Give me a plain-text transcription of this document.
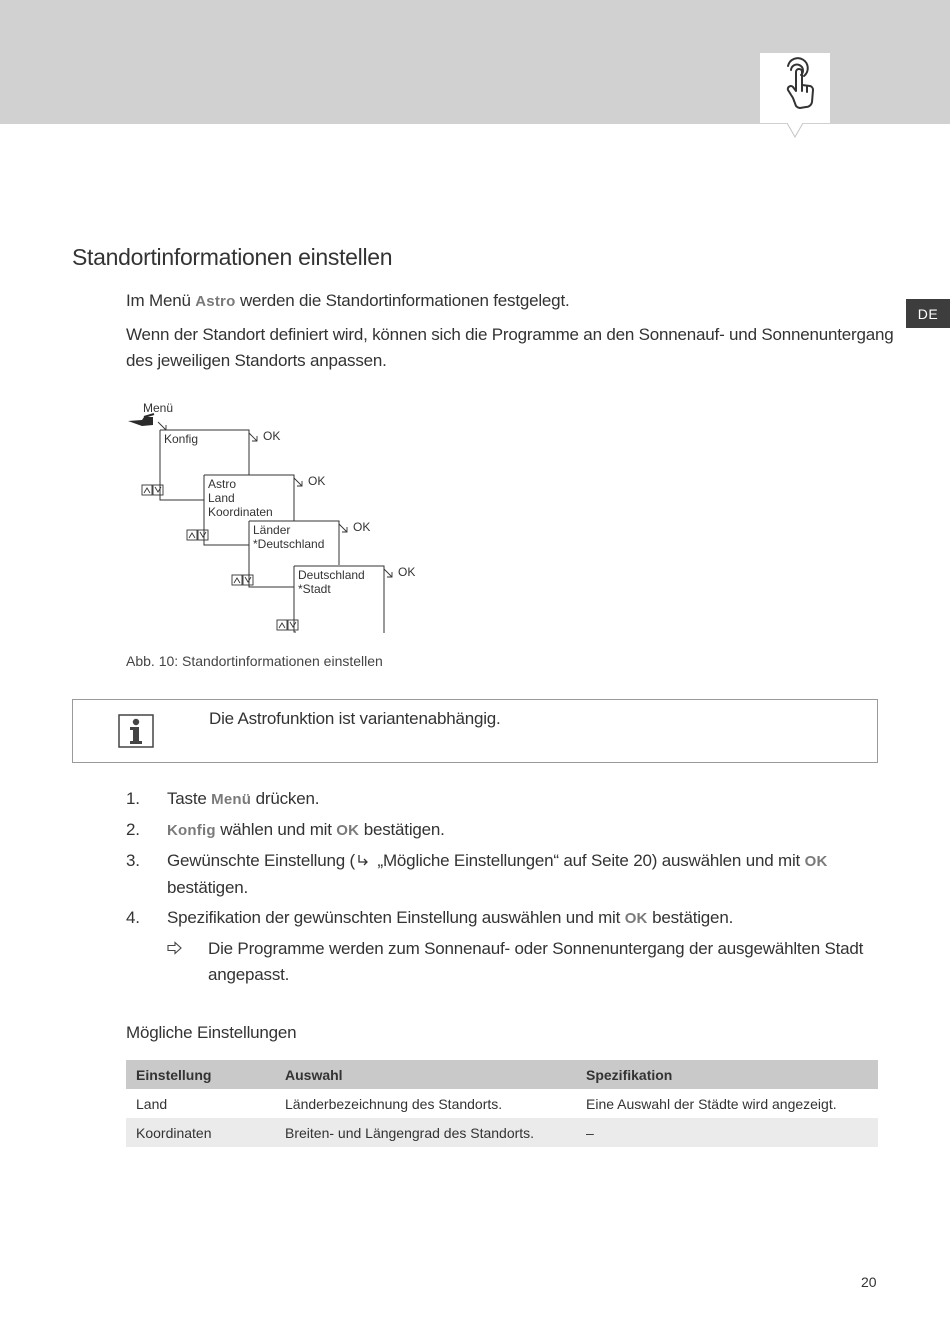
DE
Standortinformationen einstellen

Im Menü Astro werden die Standortinformationen festgelegt.

Wenn der Standort definiert wird, können sich die Programme an den Sonnenauf- und Sonnenuntergang
des jeweiligen Standorts anpassen.

Menü
OK
OK
OK
OK
Konfig
Astro
Land
Koordinaten
Länder
*Deutschland
Deutschland
*Stadt
Abb. 10: Standortinformationen einstellen
Die Astrofunktion ist variantenabhängig.
1. Taste Menü drücken.
2. Konfig wählen und mit OK bestätigen.
3. Gewünschte Einstellung ( „Mögliche Einstellungen“ auf Seite 20) auswählen und mit OK
bestätigen.
4. Spezifikation der gewünschten Einstellung auswählen und mit OK bestätigen.
Die Programme werden zum Sonnenauf- oder Sonnenuntergang der ausgewählten Stadt
angepasst.
Mögliche Einstellungen
Einstellung	Auswahl	Spezifikation
Land	Länderbezeichnung des Standorts.	Eine Auswahl der Städte wird angezeigt.
Koordinaten	Breiten- und Längengrad des Standorts.	–
20
